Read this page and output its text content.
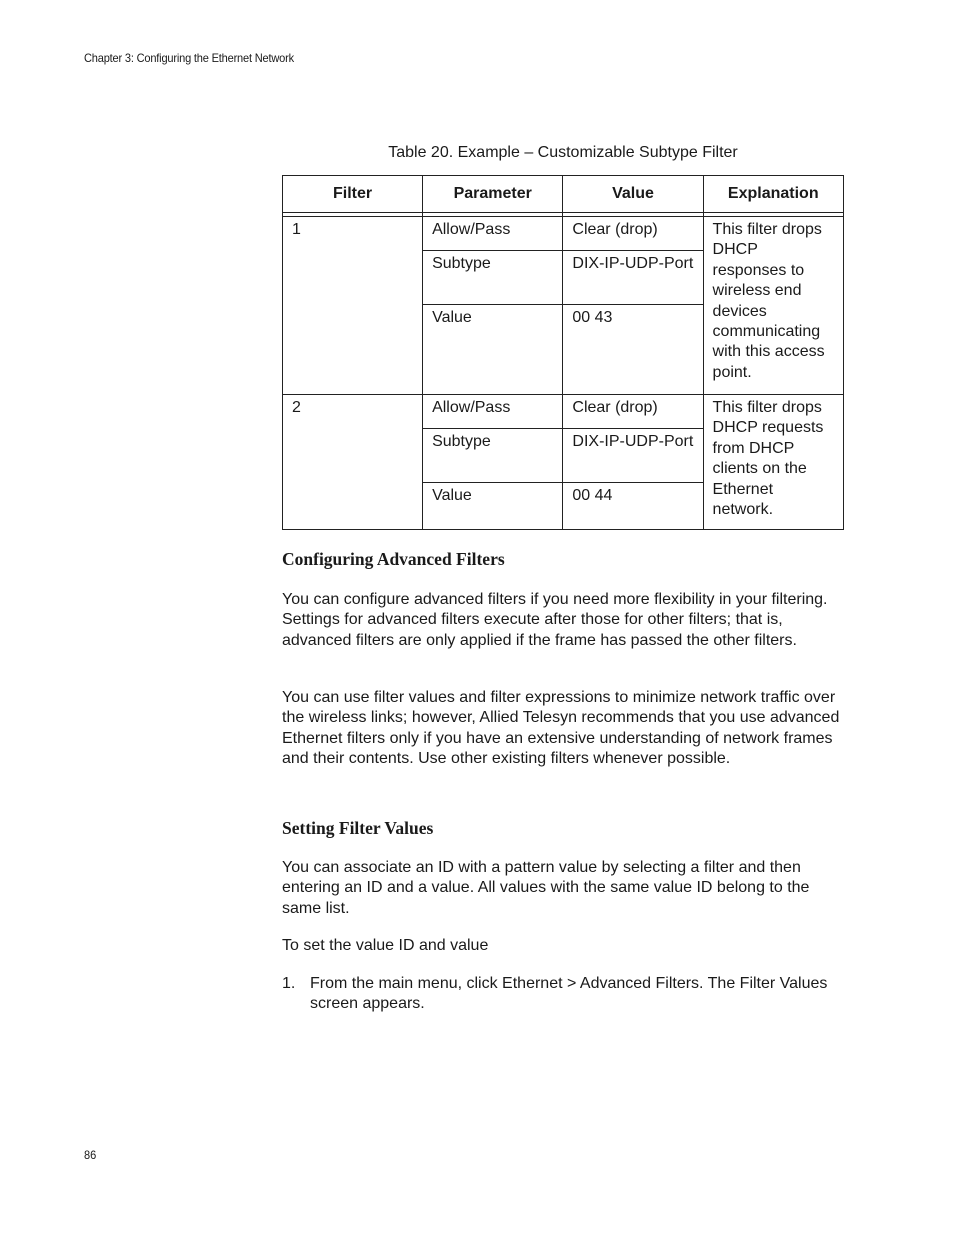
Chapter 3: Configuring the Ethernet Network
Table 20. Example – Customizable Subtype Filter
Filter	Parameter	Value	Explanation

1	Allow/Pass	Clear (drop)	This filter drops DHCP responses to wireless end devices communicating with this access point.
	Subtype	DIX-IP-UDP-Port	
	Value	00 43	
2	Allow/Pass	Clear (drop)	This filter drops DHCP requests from DHCP clients on the Ethernet network.
	Subtype	DIX-IP-UDP-Port	
	Value	00 44	
Configuring Advanced Filters

You can configure advanced filters if you need more flexibility in your filtering. Settings for advanced filters execute after those for other filters; that is, advanced filters are only applied if the frame has passed the other filters.

You can use filter values and filter expressions to minimize network traffic over the wireless links; however, Allied Telesyn recommends that you use advanced Ethernet filters only if you have an extensive understanding of network frames and their contents. Use other existing filters whenever possible.

Setting Filter Values

You can associate an ID with a pattern value by selecting a filter and then entering an ID and a value. All values with the same value ID belong to the same list.

To set the value ID and value

1. From the main menu, click Ethernet > Advanced Filters. The Filter Values screen appears.
86
